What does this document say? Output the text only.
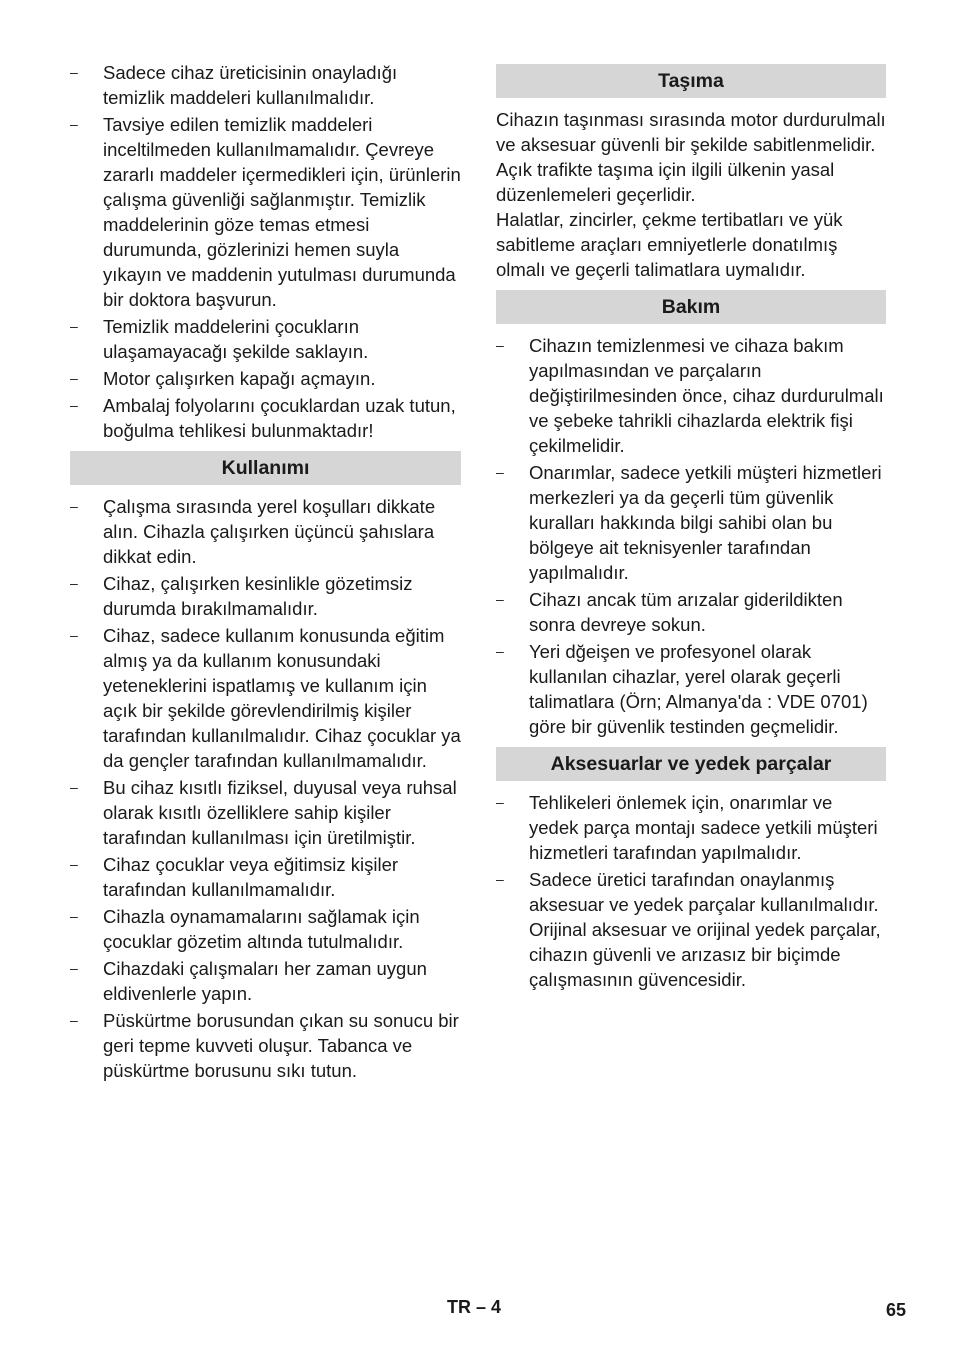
– Sadece cihaz üreticisinin onayladığı temizlik maddeleri kullanılmalıdır.
– Tavsiye edilen temizlik maddeleri inceltilmeden kullanılmamalıdır. Çevreye zararlı maddeler içermedikleri için, ürünlerin çalışma güvenliği sağlanmıştır. Temizlik maddelerinin göze temas etmesi durumunda, gözlerinizi hemen suyla yıkayın ve maddenin yutulması durumunda bir doktora başvurun.
– Temizlik maddelerini çocukların ulaşamayacağı şekilde saklayın.
– Motor çalışırken kapağı açmayın.
– Ambalaj folyolarını çocuklardan uzak tutun, boğulma tehlikesi bulunmaktadır!
Kullanımı
– Çalışma sırasında yerel koşulları dikkate alın. Cihazla çalışırken üçüncü şahıslara dikkat edin.
– Cihaz, çalışırken kesinlikle gözetimsiz durumda bırakılmamalıdır.
– Cihaz, sadece kullanım konusunda eğitim almış ya da kullanım konusundaki yeteneklerini ispatlamış ve kullanım için açık bir şekilde görevlendirilmiş kişiler tarafından kullanılmalıdır. Cihaz çocuklar ya da gençler tarafından kullanılmamalıdır.
– Bu cihaz kısıtlı fiziksel, duyusal veya ruhsal olarak kısıtlı özelliklere sahip kişiler tarafından kullanılması için üretilmiştir.
– Cihaz çocuklar veya eğitimsiz kişiler tarafından kullanılmamalıdır.
– Cihazla oynamamalarını sağlamak için çocuklar gözetim altında tutulmalıdır.
– Cihazdaki çalışmaları her zaman uygun eldivenlerle yapın.
– Püskürtme borusundan çıkan su sonucu bir geri tepme kuvveti oluşur. Tabanca ve püskürtme borusunu sıkı tutun.
Taşıma

Cihazın taşınması sırasında motor durdurulmalı ve aksesuar güvenli bir şekilde sabitlenmelidir.

Açık trafikte taşıma için ilgili ülkenin yasal düzenlemeleri geçerlidir.

Halatlar, zincirler, çekme tertibatları ve yük sabitleme araçları emniyetlerle donatılmış olmalı ve geçerli talimatlara uymalıdır.

Bakım
– Cihazın temizlenmesi ve cihaza bakım yapılmasından ve parçaların değiştirilmesinden önce, cihaz durdurulmalı ve şebeke tahrikli cihazlarda elektrik fişi çekilmelidir.
– Onarımlar, sadece yetkili müşteri hizmetleri merkezleri ya da geçerli tüm güvenlik kuralları hakkında bilgi sahibi olan bu bölgeye ait teknisyenler tarafından yapılmalıdır.
– Cihazı ancak tüm arızalar giderildikten sonra devreye sokun.
– Yeri dğeişen ve profesyonel olarak kullanılan cihazlar, yerel olarak geçerli talimatlara (Örn; Almanya'da : VDE 0701) göre bir güvenlik testinden geçmelidir.
Aksesuarlar ve yedek parçalar
– Tehlikeleri önlemek için, onarımlar ve yedek parça montajı sadece yetkili müşteri hizmetleri tarafından yapılmalıdır.
– Sadece üretici tarafından onaylanmış aksesuar ve yedek parçalar kullanılmalıdır. Orijinal aksesuar ve orijinal yedek parçalar, cihazın güvenli ve arızasız bir biçimde çalışmasının güvencesidir.
TR – 4	65
